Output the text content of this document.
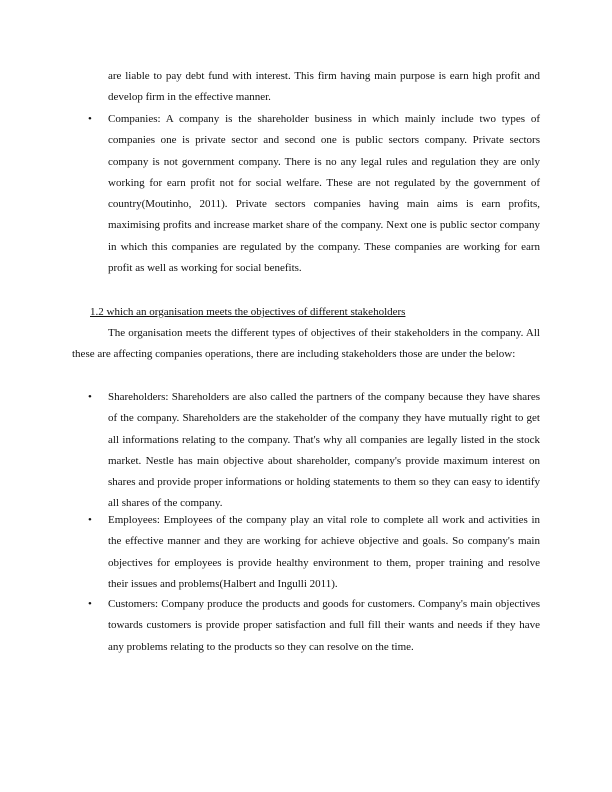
are liable to pay debt fund with interest. This firm having main purpose is earn high profit and develop firm in the effective manner.

• Companies: A company is the shareholder business in which mainly include two types of companies one is private sector and second one is public sectors company. Private sectors company is not government company. There is no any legal rules and regulation they are only working for earn profit not for social welfare. These are not regulated by the government of country(Moutinho, 2011). Private sectors companies having main aims is earn profits, maximising profits and increase market share of the company. Next one is public sector company in which this companies are regulated by the company. These companies are working for earn profit as well as working for social benefits.

1.2 which an organisation meets the objectives of different stakeholders

The organisation meets the different types of objectives of their stakeholders in the company. All these are affecting companies operations, there are including stakeholders those are under the below:

• Shareholders: Shareholders are also called the partners of the company because they have shares of the company. Shareholders are the stakeholder of the company they have mutually right to get all informations relating to the company. That's why all companies are legally listed in the stock market. Nestle has main objective about shareholder, company's provide maximum interest on shares and provide proper informations or holding statements to them so they can easy to identify all shares of the company.

• Employees: Employees of the company play an vital role to complete all work and activities in the effective manner and they are working for achieve objective and goals. So company's main objectives for employees is provide healthy environment to them, proper training and resolve their issues and problems(Halbert and Ingulli 2011).

• Customers: Company produce the products and goods for customers. Company's main objectives towards customers is provide proper satisfaction and full fill their wants and needs if they have any problems relating to the products so they can resolve on the time.
